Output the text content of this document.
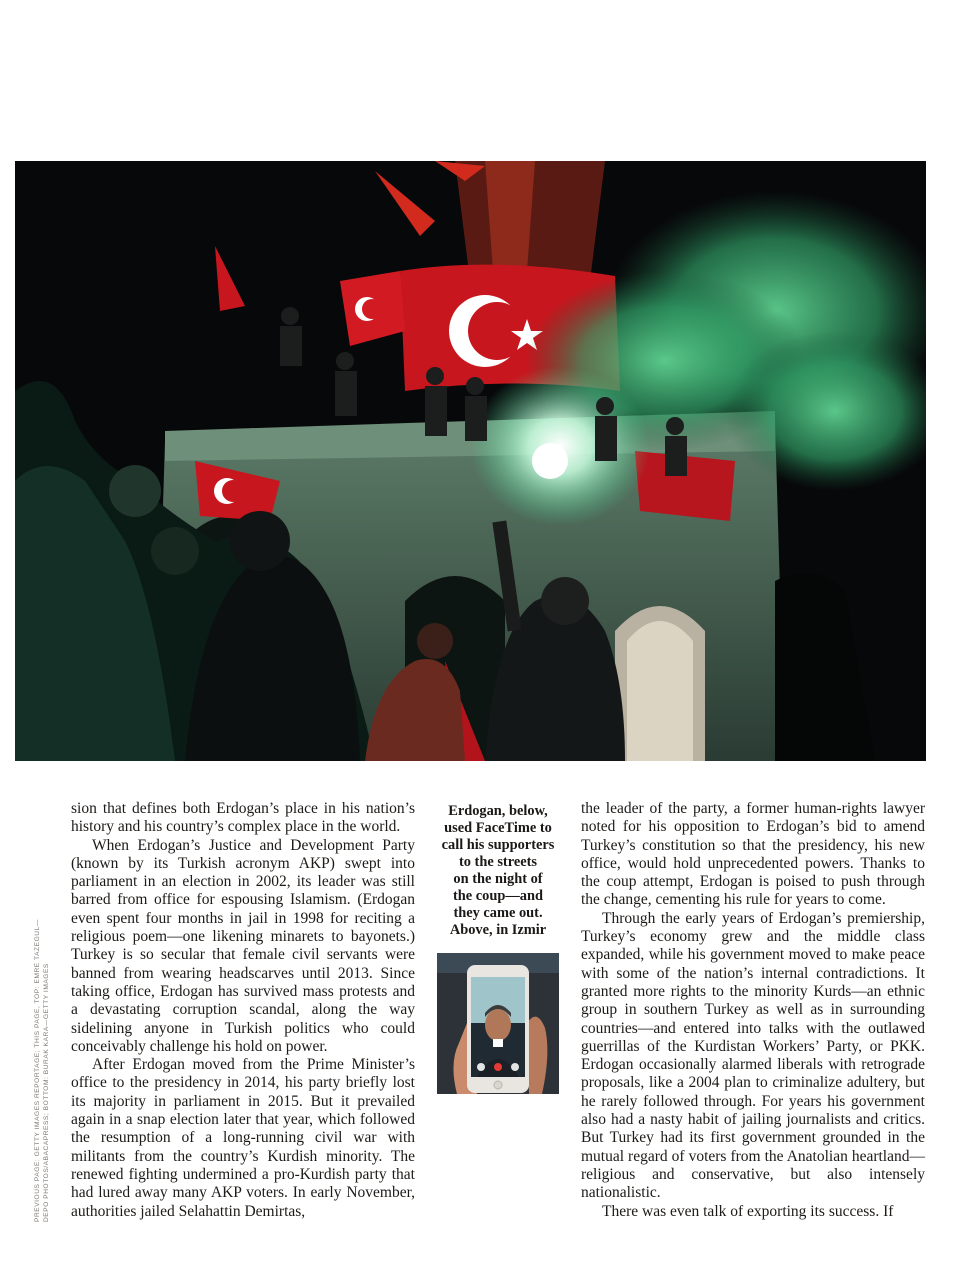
PREVIOUS PAGE: GETTY IMAGES REPORTAGE; THIS PAGE, TOP: EMRE TAZEGUL— DEPO PHOTOS/ABACAPRESS; BOTTOM: BURAK KARA—GETTY IMAGES

sion that defines both Erdogan’s place in his nation’s history and his country’s complex place in the world.

When Erdogan’s Justice and Development Party (known by its Turkish acronym AKP) swept into parliament in an election in 2002, its leader was still barred from office for espousing Islamism. (Erdogan even spent four months in jail in 1998 for reciting a religious poem—one likening minarets to bayonets.) Turkey is so secular that female civil servants were banned from wearing headscarves until 2013. Since taking office, Erdogan has survived mass protests and a devastating corruption scandal, along the way sidelining anyone in Turkish politics who could conceivably challenge his hold on power.

After Erdogan moved from the Prime Minister’s office to the presidency in 2014, his party briefly lost its majority in parliament in 2015. But it prevailed again in a snap election later that year, which followed the resumption of a long-running civil war with militants from the country’s Kurdish minority. The renewed fighting undermined a pro-Kurdish party that had lured away many AKP voters. In early November, authorities jailed Selahattin Demirtas,

Erdogan, below,
used FaceTime to
call his supporters
to the streets
on the night of
the coup—and
they came out.
Above, in Izmir

the leader of the party, a former human-rights lawyer noted for his opposition to Erdogan’s bid to amend Turkey’s constitution so that the presidency, his new office, would hold unprecedented powers. Thanks to the coup attempt, Erdogan is poised to push through the change, cementing his rule for years to come.

Through the early years of Erdogan’s premiership, Turkey’s economy grew and the middle class expanded, while his government moved to make peace with some of the nation’s internal contradictions. It granted more rights to the minority Kurds—an ethnic group in southern Turkey as well as in surrounding countries—and entered into talks with the outlawed guerrillas of the Kurdistan Workers’ Party, or PKK. Erdogan occasionally alarmed liberals with retrograde proposals, like a 2004 plan to criminalize adultery, but he rarely followed through. For years his government also had a nasty habit of jailing journalists and critics. But Turkey had its first government grounded in the mutual regard of voters from the Anatolian heartland—religious and conservative, but also intensely nationalistic.

There was even talk of exporting its success. If
